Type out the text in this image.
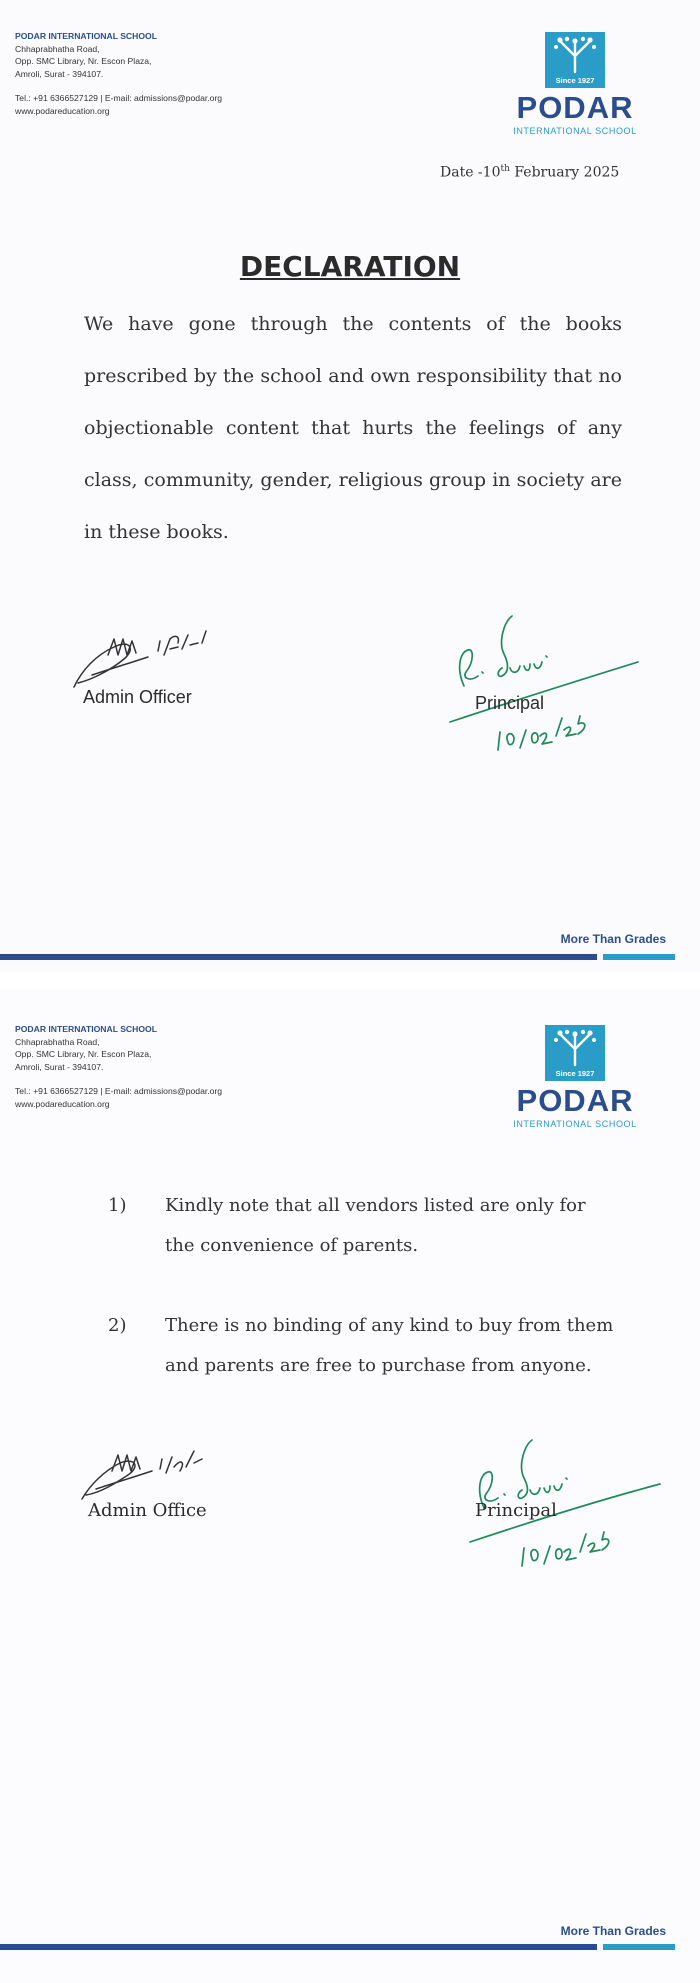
PODAR INTERNATIONAL SCHOOL
Chhaprabhatha Road,
Opp. SMC Library, Nr. Escon Plaza,
Amroli, Surat - 394107.
Tel.: +91 6366527129 | E-mail: admissions@podar.org
www.podareducation.org
Since 1927
PODAR
INTERNATIONAL SCHOOL
Date -10th February 2025
DECLARATION
We have gone through the contents of the books prescribed by the school and own responsibility that no objectionable content that hurts the feelings of any class, community, gender, religious group in society are in these books.
Admin Officer	Principal
More Than Grades
PODAR INTERNATIONAL SCHOOL
Chhaprabhatha Road,
Opp. SMC Library, Nr. Escon Plaza,
Amroli, Surat - 394107.
Tel.: +91 6366527129 | E-mail: admissions@podar.org
www.podareducation.org
Since 1927
PODAR
INTERNATIONAL SCHOOL
1) Kindly note that all vendors listed are only for the convenience of parents.
2) There is no binding of any kind to buy from them and parents are free to purchase from anyone.
Admin Office	Principal
More Than Grades
